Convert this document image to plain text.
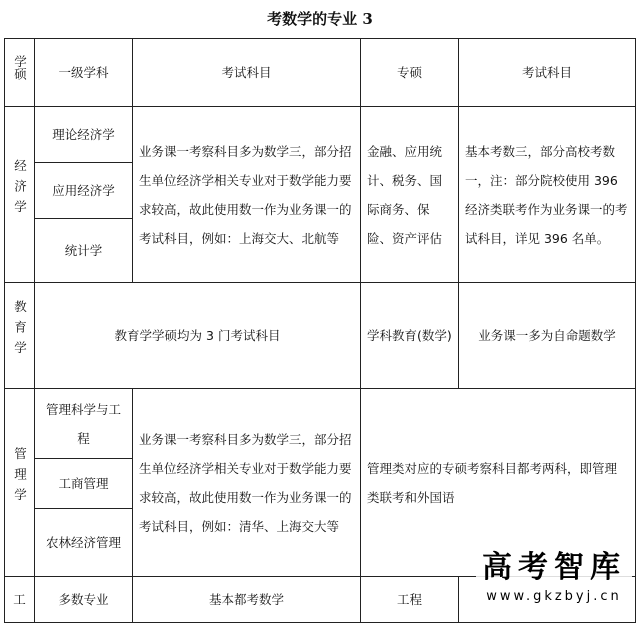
考数学的专业 3
学硕	一级学科	考试科目	专硕	考试科目
经济学	理论经济学	业务课一考察科目多为数学三，部分招生单位经济学相关专业对于数学能力要求较高，故此使用数一作为业务课一的考试科目，例如：上海交大、北航等	金融、应用统计、税务、国际商务、保险、资产评估	基本考数三，部分高校考数一，注：部分院校使用 396 经济类联考作为业务课一的考试科目，详见 396 名单。
	应用经济学			
	统计学			
教育学	教育学学硕均为 3 门考试科目		学科教育(数学)	业务课一多为自命题数学
管理学	管理科学与工程	业务课一考察科目多为数学三，部分招生单位经济学相关专业对于数学能力要求较高，故此使用数一作为业务课一的考试科目，例如：清华、上海交大等	管理类对应的专硕考察科目都考两科，即管理类联考和外国语	
	工商管理			
	农林经济管理			
工	多数专业	基本都考数学	工程	
高考智库
www.gkzbyj.cn
